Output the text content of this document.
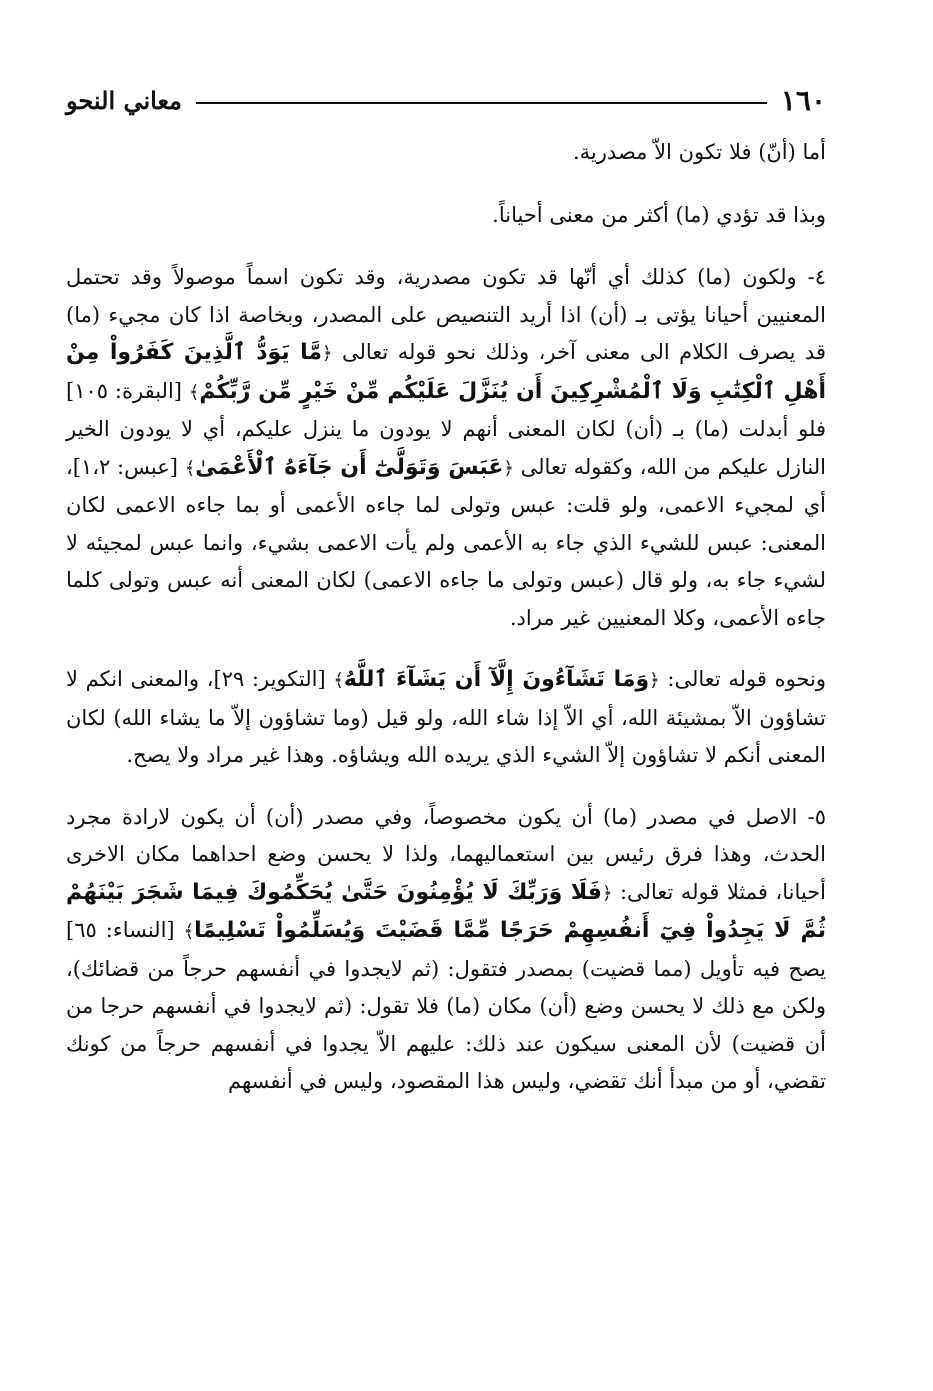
١٦٠
معاني النحو

أما (أنّ) فلا تكون الاّ مصدرية.

وبذا قد تؤدي (ما) أكثر من معنى أحياناً.

٤- ولكون (ما) كذلك أي أنّها قد تكون مصدرية، وقد تكون اسماً موصولاً وقد تحتمل المعنيين أحيانا يؤتى بـ (أن) اذا أريد التنصيص على المصدر، وبخاصة اذا كان مجيء (ما) قد يصرف الكلام الى معنى آخر، وذلك نحو قوله تعالى ﴿مَّا يَوَدُّ ٱلَّذِينَ كَفَرُواْ مِنْ أَهْلِ ٱلْكِتَٰبِ وَلَا ٱلْمُشْرِكِينَ أَن يُنَزَّلَ عَلَيْكُم مِّنْ خَيْرٍ مِّن رَّبِّكُمْ﴾ [البقرة: ١٠٥] فلو أبدلت (ما) بـ (أن) لكان المعنى أنهم لا يودون ما ينزل عليكم، أي لا يودون الخير النازل عليكم من الله، وكقوله تعالى ﴿عَبَسَ وَتَوَلَّىٰٓ أَن جَآءَهُ ٱلْأَعْمَىٰ﴾ [عبس: ١،٢]، أي لمجيء الاعمى، ولو قلت: عبس وتولى لما جاءه الأعمى أو بما جاءه الاعمى لكان المعنى: عبس للشيء الذي جاء به الأعمى ولم يأت الاعمى بشيء، وانما عبس لمجيئه لا لشيء جاء به، ولو قال (عبس وتولى ما جاءه الاعمى) لكان المعنى أنه عبس وتولى كلما جاءه الأعمى، وكلا المعنيين غير مراد.

ونحوه قوله تعالى: ﴿وَمَا تَشَآءُونَ إِلَّآ أَن يَشَآءَ ٱللَّهُ﴾ [التكوير: ٢٩]، والمعنى انكم لا تشاؤون الاّ بمشيئة الله، أي الاّ إذا شاء الله، ولو قيل (وما تشاؤون إلاّ ما يشاء الله) لكان المعنى أنكم لا تشاؤون إلاّ الشيء الذي يريده الله ويشاؤه. وهذا غير مراد ولا يصح.

٥- الاصل في مصدر (ما) أن يكون مخصوصاً، وفي مصدر (أن) أن يكون لارادة مجرد الحدث، وهذا فرق رئيس بين استعماليهما، ولذا لا يحسن وضع احداهما مكان الاخرى أحيانا، فمثلا قوله تعالى: ﴿فَلَا وَرَبِّكَ لَا يُؤْمِنُونَ حَتَّىٰ يُحَكِّمُوكَ فِيمَا شَجَرَ بَيْنَهُمْ ثُمَّ لَا يَجِدُواْ فِيٓ أَنفُسِهِمْ حَرَجًا مِّمَّا قَضَيْتَ وَيُسَلِّمُواْ تَسْلِيمًا﴾ [النساء: ٦٥] يصح فيه تأويل (مما قضيت) بمصدر فتقول: (ثم لايجدوا في أنفسهم حرجاً من قضائك)، ولكن مع ذلك لا يحسن وضع (أن) مكان (ما) فلا تقول: (ثم لايجدوا في أنفسهم حرجا من أن قضيت) لأن المعنى سيكون عند ذلك: عليهم الاّ يجدوا في أنفسهم حرجاً من كونك تقضي، أو من مبدأ أنك تقضي، وليس هذا المقصود، وليس في أنفسهم
